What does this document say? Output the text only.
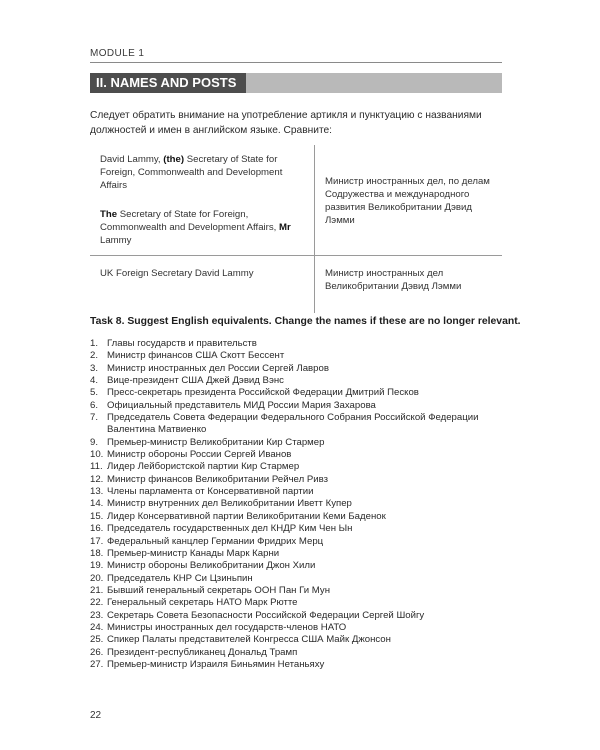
MODULE 1
II. NAMES AND POSTS
Следует обратить внимание на употребление артикля и пунктуацию с названиями должностей и имен в английском языке. Сравните:
David Lammy, (the) Secretary of State for Foreign, Commonwealth and Development Affairs
The Secretary of State for Foreign, Commonwealth and Development Affairs, Mr Lammy	Министр иностранных дел, по делам Содружества и международного развития Великобритании Дэвид Лэмми
UK Foreign Secretary David Lammy	Министр иностранных дел Великобритании Дэвид Лэмми
Task 8. Suggest English equivalents. Change the names if these are no longer relevant.
1. Главы государств и правительств
2. Министр финансов США Скотт Бессент
3. Министр иностранных дел России Сергей Лавров
4. Вице-президент США Джей Дэвид Вэнс
5. Пресс-секретарь президента Российской Федерации Дмитрий Песков
6. Официальный представитель МИД России Мария Захарова
7. Председатель Совета Федерации Федерального Собрания Российской Федерации Валентина Матвиенко
9. Премьер-министр Великобритании Кир Стармер
10. Министр обороны России Сергей Иванов
11. Лидер Лейбористской партии Кир Стармер
12. Министр финансов Великобритании Рейчел Ривз
13. Члены парламента от Консервативной партии
14. Министр внутренних дел Великобритании Иветт Купер
15. Лидер Консервативной партии Великобритании Кеми Баденок
16. Председатель государственных дел КНДР Ким Чен Ын
17. Федеральный канцлер Германии Фридрих Мерц
18. Премьер-министр Канады Марк Карни
19. Министр обороны Великобритании Джон Хили
20. Председатель КНР Си Цзиньпин
21. Бывший генеральный секретарь ООН Пан Ги Мун
22. Генеральный секретарь НАТО Марк Рютте
23. Секретарь Совета Безопасности Российской Федерации Сергей Шойгу
24. Министры иностранных дел государств-членов НАТО
25. Спикер Палаты представителей Конгресса США Майк Джонсон
26. Президент-республиканец Дональд Трамп
27. Премьер-министр Израиля Биньямин Нетаньяху
22
